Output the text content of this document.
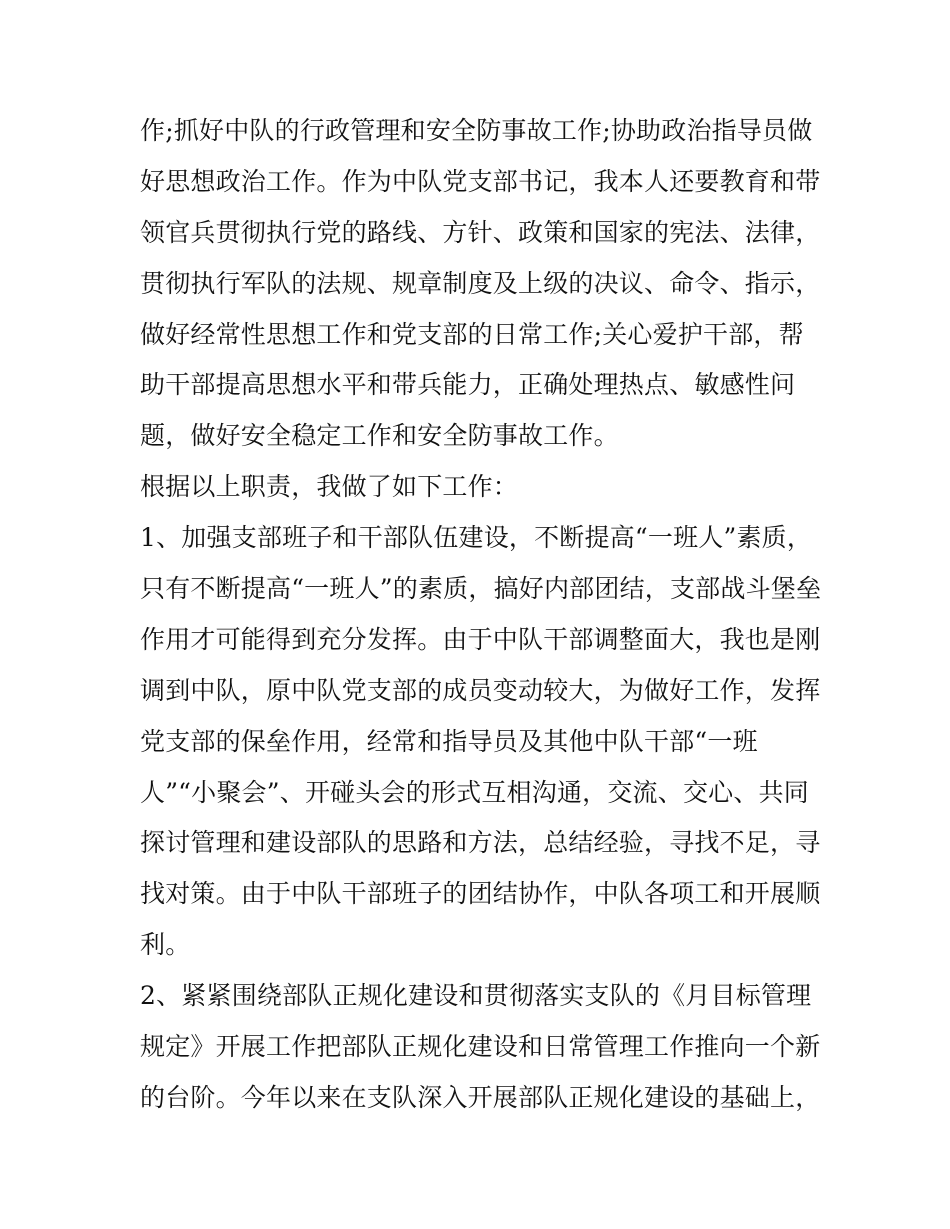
作;抓好中队的行政管理和安全防事故工作;协助政治指导员做
好思想政治工作。作为中队党支部书记，我本人还要教育和带
领官兵贯彻执行党的路线、方针、政策和国家的宪法、法律，
贯彻执行军队的法规、规章制度及上级的决议、命令、指示，
做好经常性思想工作和党支部的日常工作;关心爱护干部，帮
助干部提高思想水平和带兵能力，正确处理热点、敏感性问
题，做好安全稳定工作和安全防事故工作。
根据以上职责，我做了如下工作：
1、加强支部班子和干部队伍建设，不断提高“一班人”素质，
只有不断提高“一班人”的素质，搞好内部团结，支部战斗堡垒
作用才可能得到充分发挥。由于中队干部调整面大，我也是刚
调到中队，原中队党支部的成员变动较大，为做好工作，发挥
党支部的保垒作用，经常和指导员及其他中队干部“一班
人”“小聚会”、开碰头会的形式互相沟通，交流、交心、共同
探讨管理和建设部队的思路和方法，总结经验，寻找不足，寻
找对策。由于中队干部班子的团结协作，中队各项工和开展顺
利。
2、紧紧围绕部队正规化建设和贯彻落实支队的《月目标管理
规定》开展工作把部队正规化建设和日常管理工作推向一个新
的台阶。今年以来在支队深入开展部队正规化建设的基础上，
